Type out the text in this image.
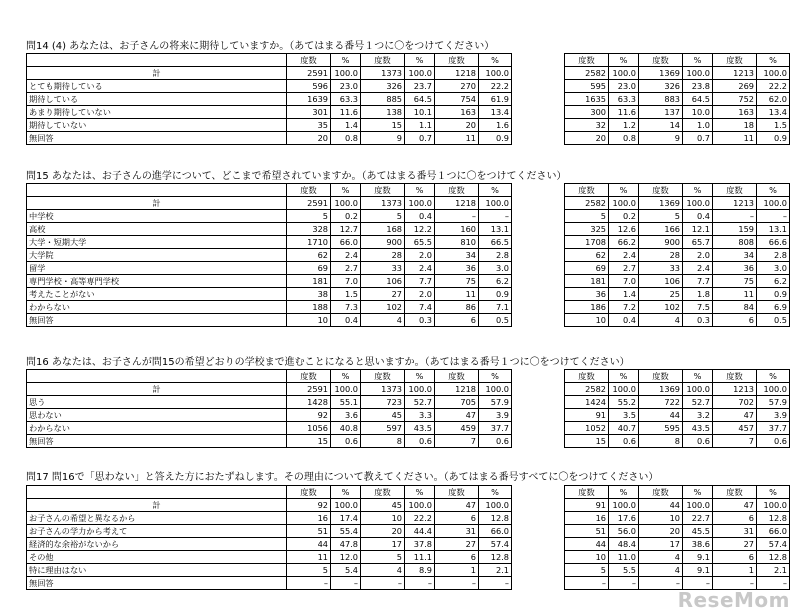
問14 (4) あなたは、お子さんの将来に期待していますか。（あてはまる番号１つに〇をつけてください）
	度数	%	度数	%	度数	%
計	2591	100.0	1373	100.0	1218	100.0
とても期待している	596	23.0	326	23.7	270	22.2
期待している	1639	63.3	885	64.5	754	61.9
あまり期待していない	301	11.6	138	10.1	163	13.4
期待していない	35	1.4	15	1.1	20	1.6
無回答	20	0.8	9	0.7	11	0.9
度数	%	度数	%	度数	%
2582	100.0	1369	100.0	1213	100.0
595	23.0	326	23.8	269	22.2
1635	63.3	883	64.5	752	62.0
300	11.6	137	10.0	163	13.4
32	1.2	14	1.0	18	1.5
20	0.8	9	0.7	11	0.9
問15 あなたは、お子さんの進学について、どこまで希望されていますか。（あてはまる番号１つに〇をつけてください）
	度数	%	度数	%	度数	%
計	2591	100.0	1373	100.0	1218	100.0
中学校	5	0.2	5	0.4	–	–
高校	328	12.7	168	12.2	160	13.1
大学・短期大学	1710	66.0	900	65.5	810	66.5
大学院	62	2.4	28	2.0	34	2.8
留学	69	2.7	33	2.4	36	3.0
専門学校・高等専門学校	181	7.0	106	7.7	75	6.2
考えたことがない	38	1.5	27	2.0	11	0.9
わからない	188	7.3	102	7.4	86	7.1
無回答	10	0.4	4	0.3	6	0.5
度数	%	度数	%	度数	%
2582	100.0	1369	100.0	1213	100.0
5	0.2	5	0.4	–	–
325	12.6	166	12.1	159	13.1
1708	66.2	900	65.7	808	66.6
62	2.4	28	2.0	34	2.8
69	2.7	33	2.4	36	3.0
181	7.0	106	7.7	75	6.2
36	1.4	25	1.8	11	0.9
186	7.2	102	7.5	84	6.9
10	0.4	4	0.3	6	0.5
問16 あなたは、お子さんが問15の希望どおりの学校まで進むことになると思いますか。（あてはまる番号１つに〇をつけてください）
	度数	%	度数	%	度数	%
計	2591	100.0	1373	100.0	1218	100.0
思う	1428	55.1	723	52.7	705	57.9
思わない	92	3.6	45	3.3	47	3.9
わからない	1056	40.8	597	43.5	459	37.7
無回答	15	0.6	8	0.6	7	0.6
度数	%	度数	%	度数	%
2582	100.0	1369	100.0	1213	100.0
1424	55.2	722	52.7	702	57.9
91	3.5	44	3.2	47	3.9
1052	40.7	595	43.5	457	37.7
15	0.6	8	0.6	7	0.6
問17 問16で「思わない」と答えた方におたずねします。その理由について教えてください。（あてはまる番号すべてに〇をつけてください）
	度数	%	度数	%	度数	%
計	92	100.0	45	100.0	47	100.0
お子さんの希望と異なるから	16	17.4	10	22.2	6	12.8
お子さんの学力から考えて	51	55.4	20	44.4	31	66.0
経済的な余裕がないから	44	47.8	17	37.8	27	57.4
その他	11	12.0	5	11.1	6	12.8
特に理由はない	5	5.4	4	8.9	1	2.1
無回答	–	–	–	–	–	–
度数	%	度数	%	度数	%
91	100.0	44	100.0	47	100.0
16	17.6	10	22.7	6	12.8
51	56.0	20	45.5	31	66.0
44	48.4	17	38.6	27	57.4
10	11.0	4	9.1	6	12.8
5	5.5	4	9.1	1	2.1
–	–	–	–	–	–
ReseMom
